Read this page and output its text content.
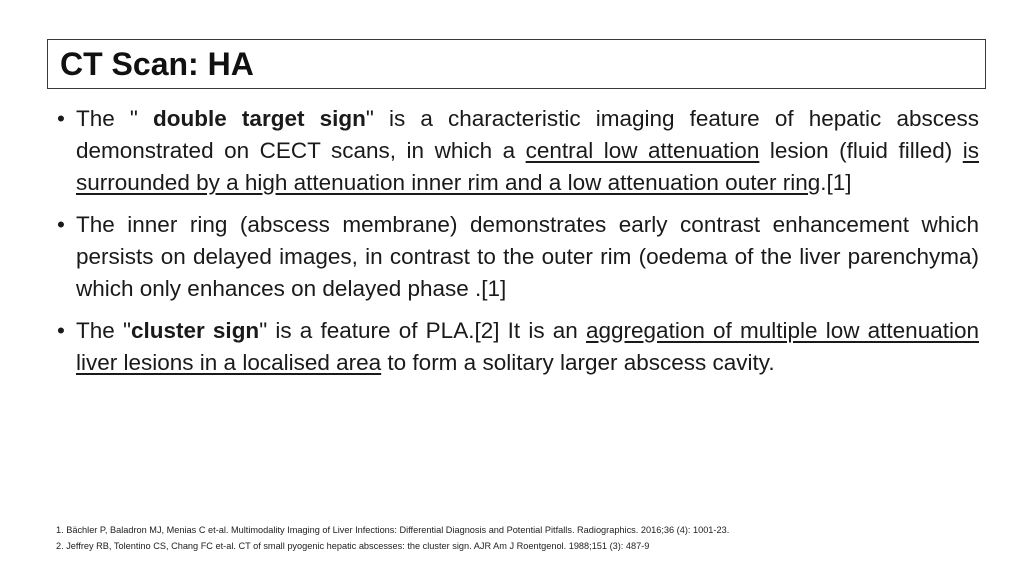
CT Scan: HA
• The " double target sign" is a characteristic imaging feature of hepatic abscess demonstrated on CECT scans, in which a central low attenuation lesion (fluid filled) is surrounded by a high attenuation inner rim and a low attenuation outer ring.[1]
• The inner ring (abscess membrane) demonstrates early contrast enhancement which persists on delayed images, in contrast to the outer rim (oedema of the liver parenchyma) which only enhances on delayed phase .[1]
• The "cluster sign" is a feature of PLA.[2] It is an aggregation of multiple low attenuation liver lesions in a localised area to form a solitary larger abscess cavity.
1. Bächler P, Baladron MJ, Menias C et-al. Multimodality Imaging of Liver Infections: Differential Diagnosis and Potential Pitfalls. Radiographics. 2016;36 (4): 1001-23.
2. Jeffrey RB, Tolentino CS, Chang FC et-al. CT of small pyogenic hepatic abscesses: the cluster sign. AJR Am J Roentgenol. 1988;151 (3): 487-9
